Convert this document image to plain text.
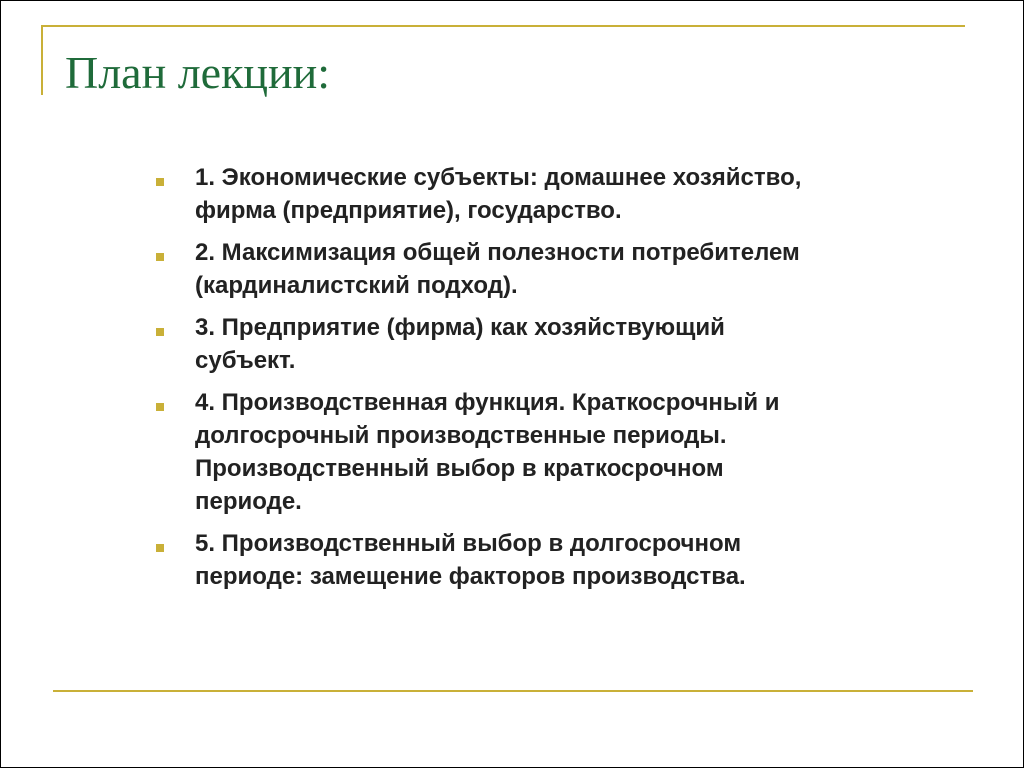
План лекции:
1. Экономические субъекты: домашнее хозяйство,
фирма (предприятие), государство.
2. Максимизация общей полезности потребителем
(кардиналистский подход).
3. Предприятие (фирма) как хозяйствующий
субъект.
4. Производственная функция. Краткосрочный и
долгосрочный производственные периоды.
Производственный выбор в краткосрочном
периоде.
5. Производственный выбор в долгосрочном
периоде: замещение факторов производства.
